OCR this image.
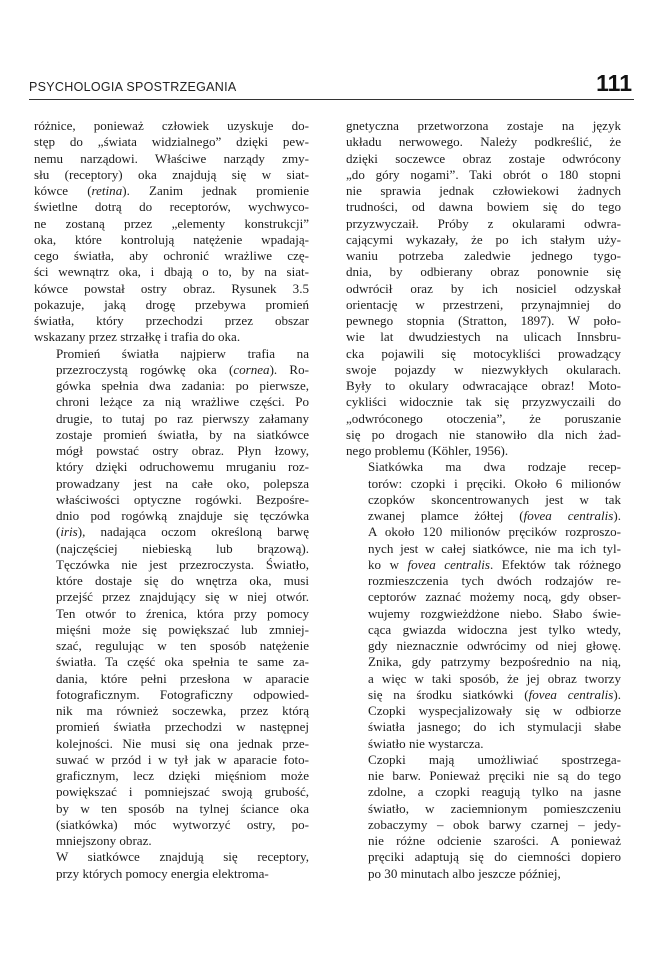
PSYCHOLOGIA SPOSTRZEGANIA	111

różnice, ponieważ człowiek uzyskuje do-
stęp do „świata widzialnego” dzięki pew-
nemu narządowi. Właściwe narządy zmy-
słu (receptory) oka znajdują się w siat-
kówce (retina). Zanim jednak promienie
świetlne dotrą do receptorów, wychwyco-
ne zostaną przez „elementy konstrukcji”
oka, które kontrolują natężenie wpadają-
cego światła, aby ochronić wrażliwe czę-
ści wewnątrz oka, i dbają o to, by na siat-
kówce powstał ostry obraz. Rysunek 3.5
pokazuje, jaką drogę przebywa promień
światła, który przechodzi przez obszar
wskazany przez strzałkę i trafia do oka.

Promień światła najpierw trafia na
przezroczystą rogówkę oka (cornea). Ro-
gówka spełnia dwa zadania: po pierwsze,
chroni leżące za nią wrażliwe części. Po
drugie, to tutaj po raz pierwszy załamany
zostaje promień światła, by na siatkówce
mógł powstać ostry obraz. Płyn łzowy,
który dzięki odruchowemu mruganiu roz-
prowadzany jest na całe oko, polepsza
właściwości optyczne rogówki. Bezpośre-
dnio pod rogówką znajduje się tęczówka
(iris), nadająca oczom określoną barwę
(najczęściej niebieską lub brązową).
Tęczówka nie jest przezroczysta. Światło,
które dostaje się do wnętrza oka, musi
przejść przez znajdujący się w niej otwór.
Ten otwór to źrenica, która przy pomocy
mięśni może się powiększać lub zmniej-
szać, regulując w ten sposób natężenie
światła. Ta część oka spełnia te same za-
dania, które pełni przesłona w aparacie
fotograficznym. Fotograficzny odpowied-
nik ma również soczewka, przez którą
promień światła przechodzi w następnej
kolejności. Nie musi się ona jednak prze-
suwać w przód i w tył jak w aparacie foto-
graficznym, lecz dzięki mięśniom może
powiększać i pomniejszać swoją grubość,
by w ten sposób na tylnej ściance oka
(siatkówka) móc wytworzyć ostry, po-
mniejszony obraz.

W siatkówce znajdują się receptory,
przy których pomocy energia elektroma-

gnetyczna przetworzona zostaje na język
układu nerwowego. Należy podkreślić, że
dzięki soczewce obraz zostaje odwrócony
„do góry nogami”. Taki obrót o 180 stopni
nie sprawia jednak człowiekowi żadnych
trudności, od dawna bowiem się do tego
przyzwyczaił. Próby z okularami odwra-
cającymi wykazały, że po ich stałym uży-
waniu potrzeba zaledwie jednego tygo-
dnia, by odbierany obraz ponownie się
odwrócił oraz by ich nosiciel odzyskał
orientację w przestrzeni, przynajmniej do
pewnego stopnia (Stratton, 1897). W poło-
wie lat dwudziestych na ulicach Innsbru-
cka pojawili się motocykliści prowadzący
swoje pojazdy w niezwykłych okularach.
Były to okulary odwracające obraz! Moto-
cykliści widocznie tak się przyzwyczaili do
„odwróconego otoczenia”, że poruszanie
się po drogach nie stanowiło dla nich żad-
nego problemu (Köhler, 1956).

Siatkówka ma dwa rodzaje recep-
torów: czopki i pręciki. Około 6 milionów
czopków skoncentrowanych jest w tak
zwanej plamce żółtej (fovea centralis).
A około 120 milionów pręcików rozproszo-
nych jest w całej siatkówce, nie ma ich tyl-
ko w fovea centralis. Efektów tak różnego
rozmieszczenia tych dwóch rodzajów re-
ceptorów zaznać możemy nocą, gdy obser-
wujemy rozgwieżdżone niebo. Słabo świe-
cąca gwiazda widoczna jest tylko wtedy,
gdy nieznacznie odwrócimy od niej głowę.
Znika, gdy patrzymy bezpośrednio na nią,
a więc w taki sposób, że jej obraz tworzy
się na środku siatkówki (fovea centralis).
Czopki wyspecjalizowały się w odbiorze
światła jasnego; do ich stymulacji słabe
światło nie wystarcza.

Czopki mają umożliwiać spostrzega-
nie barw. Ponieważ pręciki nie są do tego
zdolne, a czopki reagują tylko na jasne
światło, w zaciemnionym pomieszczeniu
zobaczymy – obok barwy czarnej – jedy-
nie różne odcienie szarości. A ponieważ
pręciki adaptują się do ciemności dopiero
po 30 minutach albo jeszcze później,
